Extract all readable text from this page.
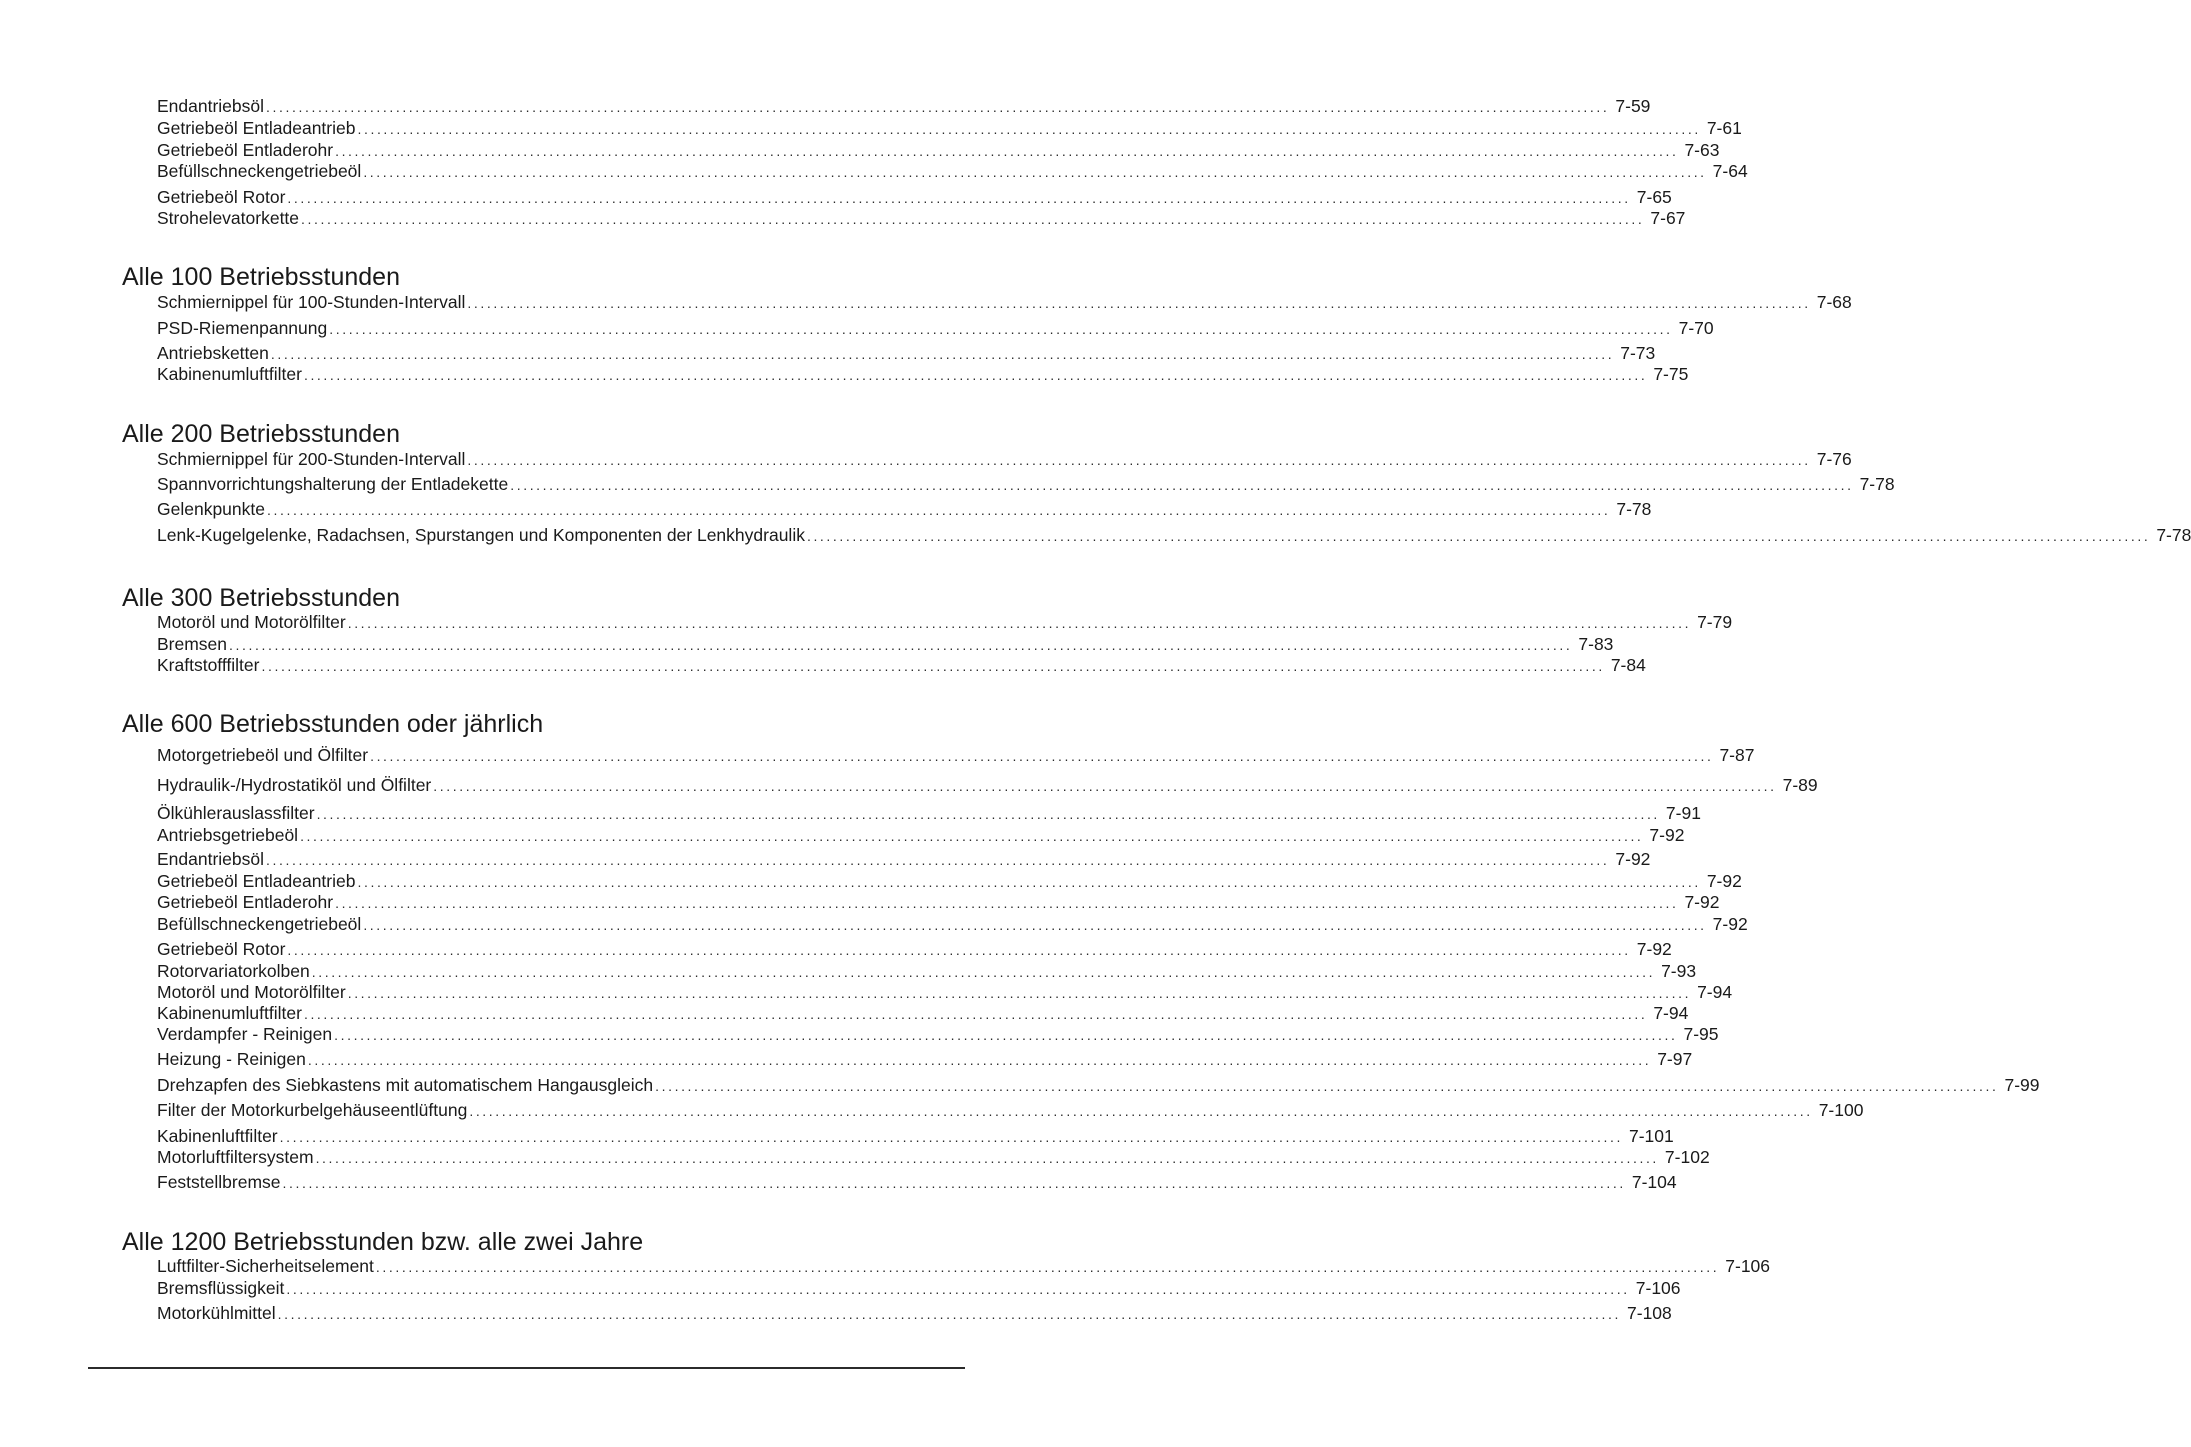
Endantriebsöl ............................................................................................................................................................................................................... 7-59
Getriebeöl Entladeantrieb ............................................................................................................................................................................................................... 7-61
Getriebeöl Entladerohr ............................................................................................................................................................................................................... 7-63
Befüllschneckengetriebeöl ............................................................................................................................................................................................................... 7-64
Getriebeöl Rotor ............................................................................................................................................................................................................... 7-65
Strohelevatorkette ............................................................................................................................................................................................................... 7-67
Alle 100 Betriebsstunden
Schmiernippel für 100-Stunden-Intervall ............................................................................................................................................................................................................... 7-68
PSD-Riemenpannung ............................................................................................................................................................................................................... 7-70
Antriebsketten ............................................................................................................................................................................................................... 7-73
Kabinenumluftfilter ............................................................................................................................................................................................................... 7-75
Alle 200 Betriebsstunden
Schmiernippel für 200-Stunden-Intervall ............................................................................................................................................................................................................... 7-76
Spannvorrichtungshalterung der Entladekette ............................................................................................................................................................................................................... 7-78
Gelenkpunkte ............................................................................................................................................................................................................... 7-78
Lenk-Kugelgelenke, Radachsen, Spurstangen und Komponenten der Lenkhydraulik ............................................................................................................................................................................................................... 7-78
Alle 300 Betriebsstunden
Motoröl und Motorölfilter ............................................................................................................................................................................................................... 7-79
Bremsen ............................................................................................................................................................................................................... 7-83
Kraftstofffilter ............................................................................................................................................................................................................... 7-84
Alle 600 Betriebsstunden oder jährlich
Motorgetriebeöl und Ölfilter ............................................................................................................................................................................................................... 7-87
Hydraulik-/Hydrostatiköl und Ölfilter ............................................................................................................................................................................................................... 7-89
Ölkühlerauslassfilter ............................................................................................................................................................................................................... 7-91
Antriebsgetriebeöl ............................................................................................................................................................................................................... 7-92
Endantriebsöl ............................................................................................................................................................................................................... 7-92
Getriebeöl Entladeantrieb ............................................................................................................................................................................................................... 7-92
Getriebeöl Entladerohr ............................................................................................................................................................................................................... 7-92
Befüllschneckengetriebeöl ............................................................................................................................................................................................................... 7-92
Getriebeöl Rotor ............................................................................................................................................................................................................... 7-92
Rotorvariatorkolben ............................................................................................................................................................................................................... 7-93
Motoröl und Motorölfilter ............................................................................................................................................................................................................... 7-94
Kabinenumluftfilter ............................................................................................................................................................................................................... 7-94
Verdampfer - Reinigen ............................................................................................................................................................................................................... 7-95
Heizung - Reinigen ............................................................................................................................................................................................................... 7-97
Drehzapfen des Siebkastens mit automatischem Hangausgleich ............................................................................................................................................................................................................... 7-99
Filter der Motorkurbelgehäuseentlüftung ............................................................................................................................................................................................................... 7-100
Kabinenluftfilter ............................................................................................................................................................................................................... 7-101
Motorluftfiltersystem ............................................................................................................................................................................................................... 7-102
Feststellbremse ............................................................................................................................................................................................................... 7-104
Alle 1200 Betriebsstunden bzw. alle zwei Jahre
Luftfilter-Sicherheitselement ............................................................................................................................................................................................................... 7-106
Bremsflüssigkeit ............................................................................................................................................................................................................... 7-106
Motorkühlmittel ............................................................................................................................................................................................................... 7-108
